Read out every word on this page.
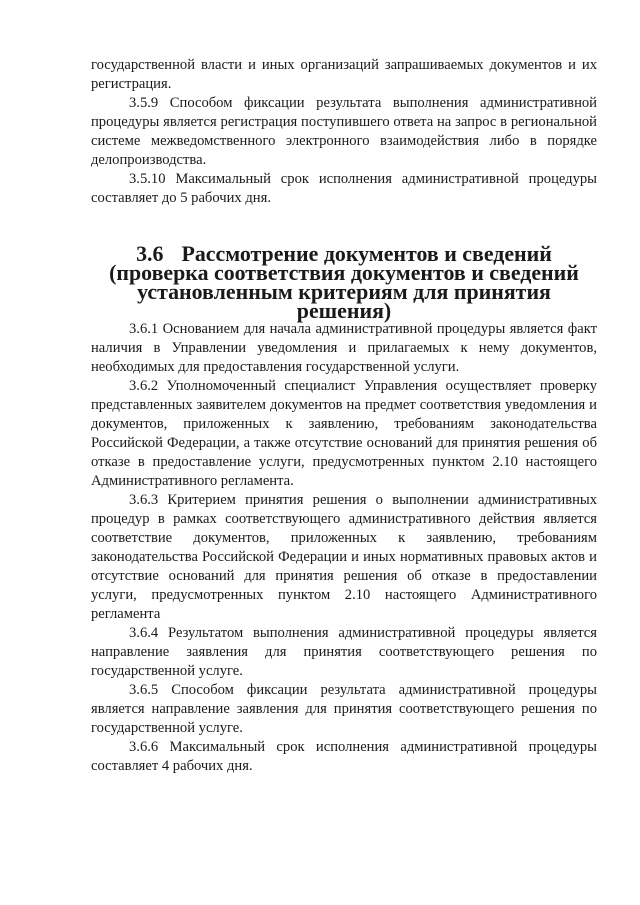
государственной власти и иных организаций запрашиваемых документов и их регистрация.

3.5.9 Способом фиксации результата выполнения административной процедуры является регистрация поступившего ответа на запрос в региональной системе межведомственного электронного взаимодействия либо в порядке делопроизводства.

3.5.10 Максимальный срок исполнения административной процедуры составляет до 5 рабочих дня.

3.6 Рассмотрение документов и сведений (проверка соответствия документов и сведений установленным критериям для принятия решения)

3.6.1 Основанием для начала административной процедуры является факт наличия в Управлении уведомления и прилагаемых к нему документов, необходимых для предоставления государственной услуги.

3.6.2 Уполномоченный специалист Управления осуществляет проверку представленных заявителем документов на предмет соответствия уведомления и документов, приложенных к заявлению, требованиям законодательства Российской Федерации, а также отсутствие оснований для принятия решения об отказе в предоставление услуги, предусмотренных пунктом 2.10 настоящего Административного регламента.

3.6.3 Критерием принятия решения о выполнении административных процедур в рамках соответствующего административного действия является соответствие документов, приложенных к заявлению, требованиям законодательства Российской Федерации и иных нормативных правовых актов и отсутствие оснований для принятия решения об отказе в предоставлении услуги, предусмотренных пунктом 2.10 настоящего Административного регламента

3.6.4 Результатом выполнения административной процедуры является направление заявления для принятия соответствующего решения по государственной услуге.

3.6.5 Способом фиксации результата административной процедуры является направление заявления для принятия соответствующего решения по государственной услуге.

3.6.6 Максимальный срок исполнения административной процедуры составляет 4 рабочих дня.
